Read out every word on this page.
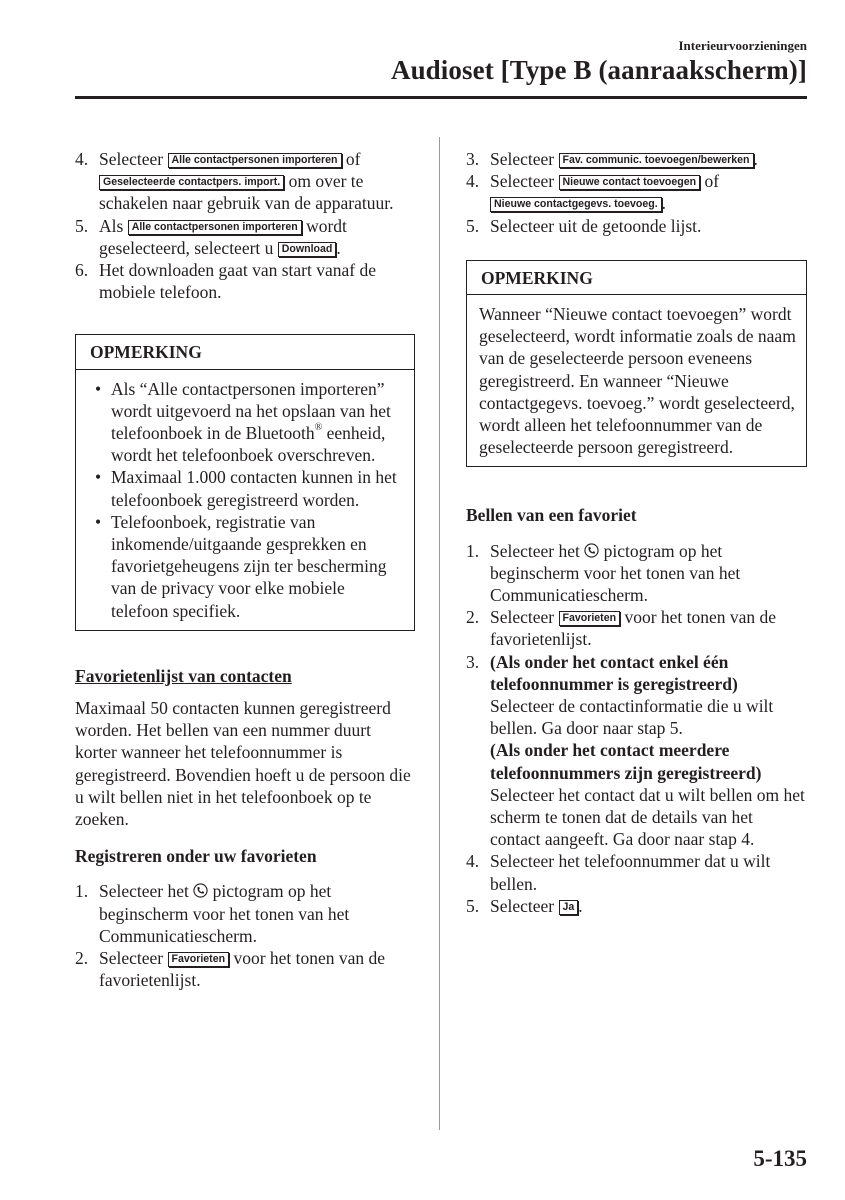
Interieurvoorzieningen
Audioset [Type B (aanraakscherm)]
4. Selecteer Alle contactpersonen importeren of Geselecteerde contactpers. import. om over te schakelen naar gebruik van de apparatuur.
5. Als Alle contactpersonen importeren wordt geselecteerd, selecteert u Download .
6. Het downloaden gaat van start vanaf de mobiele telefoon.
OPMERKING
• Als “Alle contactpersonen importeren” wordt uitgevoerd na het opslaan van het telefoonboek in de Bluetooth® eenheid, wordt het telefoonboek overschreven.
• Maximaal 1.000 contacten kunnen in het telefoonboek geregistreerd worden.
• Telefoonboek, registratie van inkomende/uitgaande gesprekken en favorietgeheugens zijn ter bescherming van de privacy voor elke mobiele telefoon specifiek.
Favorietenlijst van contacten

Maximaal 50 contacten kunnen geregistreerd worden. Het bellen van een nummer duurt korter wanneer het telefoonnummer is geregistreerd. Bovendien hoeft u de persoon die u wilt bellen niet in het telefoonboek op te zoeken.

Registreren onder uw favorieten
1. Selecteer het  pictogram op het beginscherm voor het tonen van het Communicatiescherm.
2. Selecteer Favorieten voor het tonen van de favorietenlijst.
3. Selecteer Fav. communic. toevoegen/bewerken .
4. Selecteer Nieuwe contact toevoegen of Nieuwe contactgegevs. toevoeg. .
5. Selecteer uit de getoonde lijst.
OPMERKING
Wanneer “Nieuwe contact toevoegen” wordt geselecteerd, wordt informatie zoals de naam van de geselecteerde persoon eveneens geregistreerd. En wanneer “Nieuwe contactgegevs. toevoeg.” wordt geselecteerd, wordt alleen het telefoonnummer van de geselecteerde persoon geregistreerd.
Bellen van een favoriet
1. Selecteer het  pictogram op het beginscherm voor het tonen van het Communicatiescherm.
2. Selecteer Favorieten voor het tonen van de favorietenlijst.
3. (Als onder het contact enkel één telefoonnummer is geregistreerd)
Selecteer de contactinformatie die u wilt bellen. Ga door naar stap 5.
(Als onder het contact meerdere telefoonnummers zijn geregistreerd)
Selecteer het contact dat u wilt bellen om het scherm te tonen dat de details van het contact aangeeft. Ga door naar stap 4.
4. Selecteer het telefoonnummer dat u wilt bellen.
5. Selecteer Ja .
5-135
